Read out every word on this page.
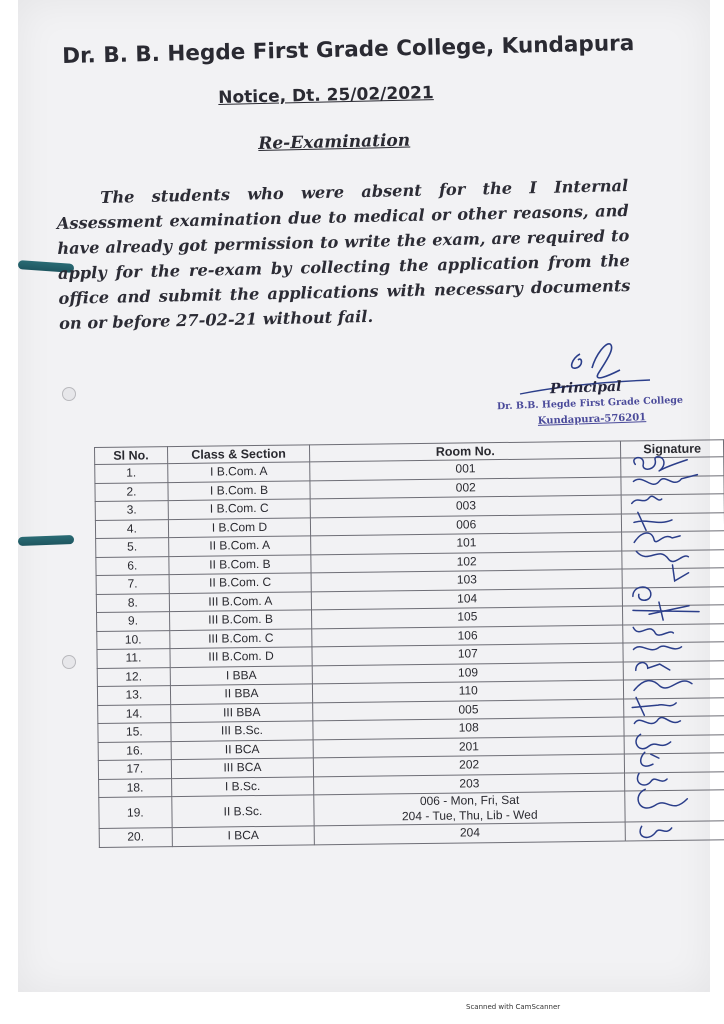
Dr. B. B. Hegde First Grade College, Kundapura
Notice, Dt. 25/02/2021
Re-Examination
The students who were absent for the I Internal Assessment examination due to medical or other reasons, and have already got permission to write the exam, are required to apply for the re-exam by collecting the application from the office and submit the applications with necessary documents on or before 27-02-21 without fail.
Principal
Dr. B.B. Hegde First Grade College
Kundapura-576201
Sl No.	Class & Section	Room No.	Signature
1.	I B.Com. A	001	

2.	I B.Com. B	002	

3.	I B.Com. C	003	

4.	I B.Com D	006	

5.	II B.Com. A	101	

6.	II B.Com. B	102	

7.	II B.Com. C	103	

8.	III B.Com. A	104	

9.	III B.Com. B	105	

10.	III B.Com. C	106	

11.	III B.Com. D	107	

12.	I BBA	109	

13.	II BBA	110	

14.	III BBA	005	

15.	III B.Sc.	108	

16.	II BCA	201	

17.	III BCA	202	

18.	I B.Sc.	203	

19.	II B.Sc.	006 - Mon, Fri, Sat
204 - Tue, Thu, Lib - Wed

20.	I BCA	204	
Scanned with CamScanner
